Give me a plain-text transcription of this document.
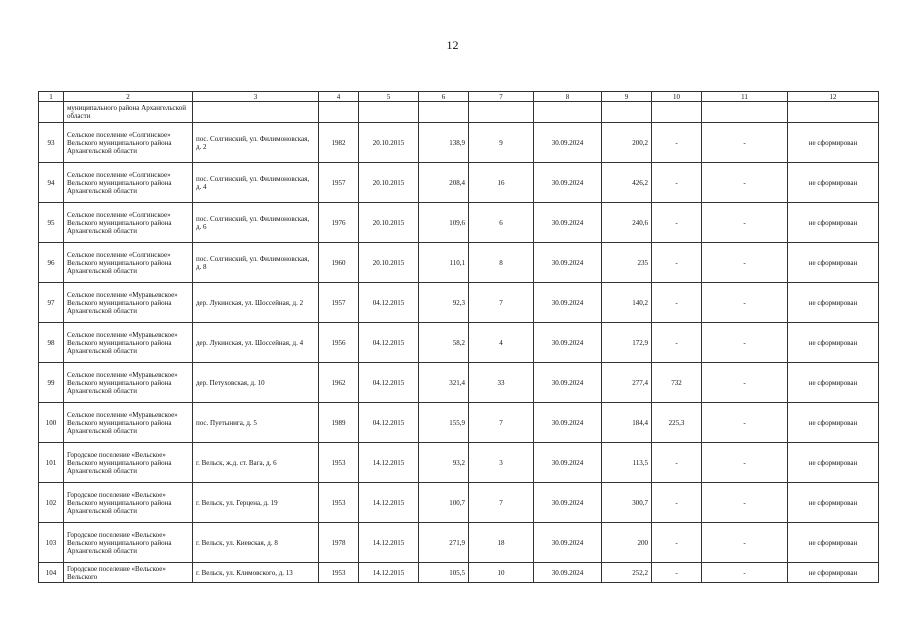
12
1	2	3	4	5	6	7	8	9	10	11	12
	муниципального района Архангельской области										
93	Сельское поселение «Солгинское» Вельского муниципального района Архангельской области	пос. Солгинский, ул. Филимоновская, д. 2	1982	20.10.2015	138,9	9	30.09.2024	200,2	-	-	не сформирован
94	Сельское поселение «Солгинское» Вельского муниципального района Архангельской области	пос. Солгинский, ул. Филимоновская, д. 4	1957	20.10.2015	208,4	16	30.09.2024	426,2	-	-	не сформирован
95	Сельское поселение «Солгинское» Вельского муниципального района Архангельской области	пос. Солгинский, ул. Филимоновская, д. 6	1976	20.10.2015	109,6	6	30.09.2024	240,6	-	-	не сформирован
96	Сельское поселение «Солгинское» Вельского муниципального района Архангельской области	пос. Солгинский, ул. Филимоновская, д. 8	1960	20.10.2015	110,1	8	30.09.2024	235	-	-	не сформирован
97	Сельское поселение «Муравьевское» Вельского муниципального района Архангельской области	дер. Лукинская, ул. Шоссейная, д. 2	1957	04.12.2015	92,3	7	30.09.2024	140,2	-	-	не сформирован
98	Сельское поселение «Муравьевское» Вельского муниципального района Архангельской области	дер. Лукинская, ул. Шоссейная, д. 4	1956	04.12.2015	58,2	4	30.09.2024	172,9	-	-	не сформирован
99	Сельское поселение «Муравьевское» Вельского муниципального района Архангельской области	дер. Петуховская, д. 10	1962	04.12.2015	321,4	33	30.09.2024	277,4	732	-	не сформирован
100	Сельское поселение «Муравьевское» Вельского муниципального района Архангельской области	пос. Пуетынига, д. 5	1989	04.12.2015	155,9	7	30.09.2024	184,4	225,3	-	не сформирован
101	Городское поселение «Вельское» Вельского муниципального района Архангельской области	г. Вельск, ж.д. ст. Вага, д. 6	1953	14.12.2015	93,2	3	30.09.2024	113,5	-	-	не сформирован
102	Городское поселение «Вельское» Вельского муниципального района Архангельской области	г. Вельск, ул. Герцена, д. 19	1953	14.12.2015	100,7	7	30.09.2024	300,7	-	-	не сформирован
103	Городское поселение «Вельское» Вельского муниципального района Архангельской области	г. Вельск, ул. Киевская, д. 8	1978	14.12.2015	271,9	18	30.09.2024	200	-	-	не сформирован
104	Городское поселение «Вельское» Вельского	г. Вельск, ул. Климовского, д. 13	1953	14.12.2015	105,5	10	30.09.2024	252,2	-	-	не сформирован
